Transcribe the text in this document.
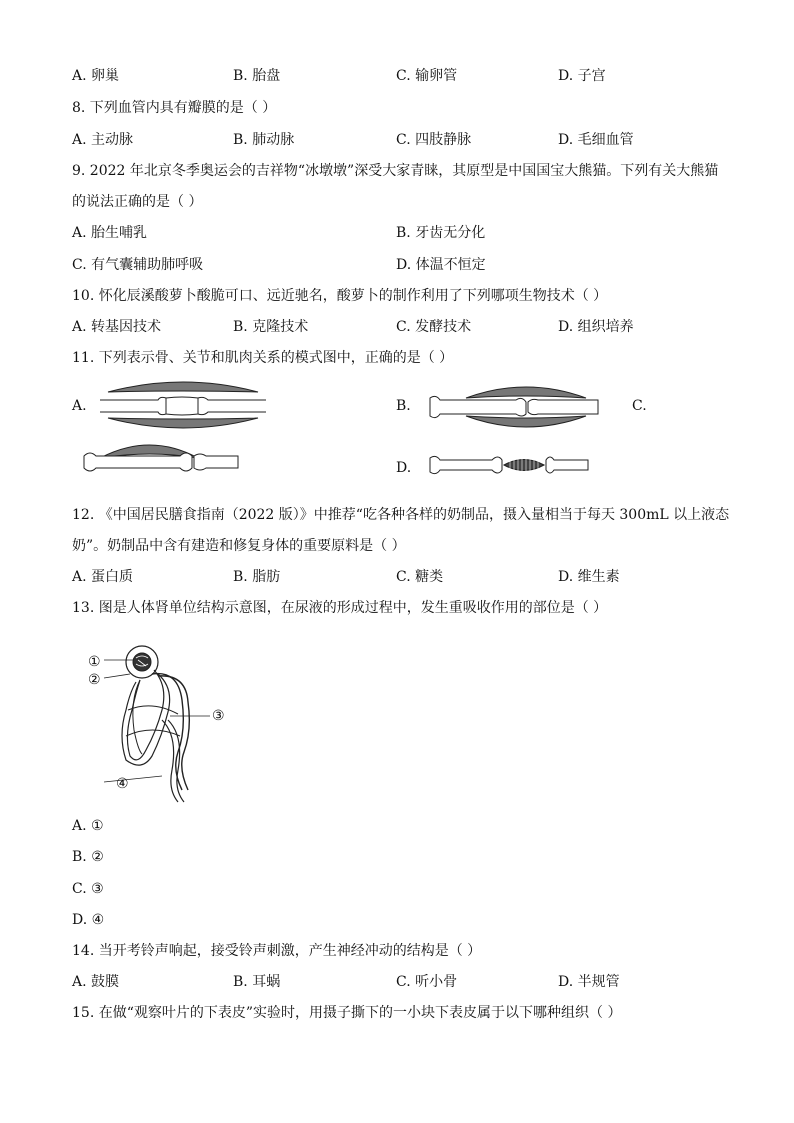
A. 卵巢	B. 胎盘	C. 输卵管	D. 子宫
8. 下列血管内具有瓣膜的是（ ）
A. 主动脉	B. 肺动脉	C. 四肢静脉	D. 毛细血管
9. 2022 年北京冬季奥运会的吉祥物“冰墩墩”深受大家青睐，其原型是中国国宝大熊猫。下列有关大熊猫
的说法正确的是（ ）
A. 胎生哺乳	B. 牙齿无分化
C. 有气囊辅助肺呼吸	D. 体温不恒定
10. 怀化辰溪酸萝卜酸脆可口、远近驰名，酸萝卜的制作利用了下列哪项生物技术（ ）
A. 转基因技术	B. 克隆技术	C. 发酵技术	D. 组织培养
11. 下列表示骨、关节和肌肉关系的模式图中，正确的是（ ）
A.	B.	C.
D.
12. 《中国居民膳食指南（2022 版）》中推荐“吃各种各样的奶制品，摄入量相当于每天 300mL 以上液态
奶”。奶制品中含有建造和修复身体的重要原料是（ ）
A. 蛋白质	B. 脂肪	C. 糖类	D. 维生素
13. 图是人体肾单位结构示意图，在尿液的形成过程中，发生重吸收作用的部位是（ ）
①
②
③
④
A. ①
B. ②
C. ③
D. ④
14. 当开考铃声响起，接受铃声刺激，产生神经冲动的结构是（ ）
A. 鼓膜	B. 耳蜗	C. 听小骨	D. 半规管
15. 在做“观察叶片的下表皮”实验时，用摄子撕下的一小块下表皮属于以下哪种组织（ ）
